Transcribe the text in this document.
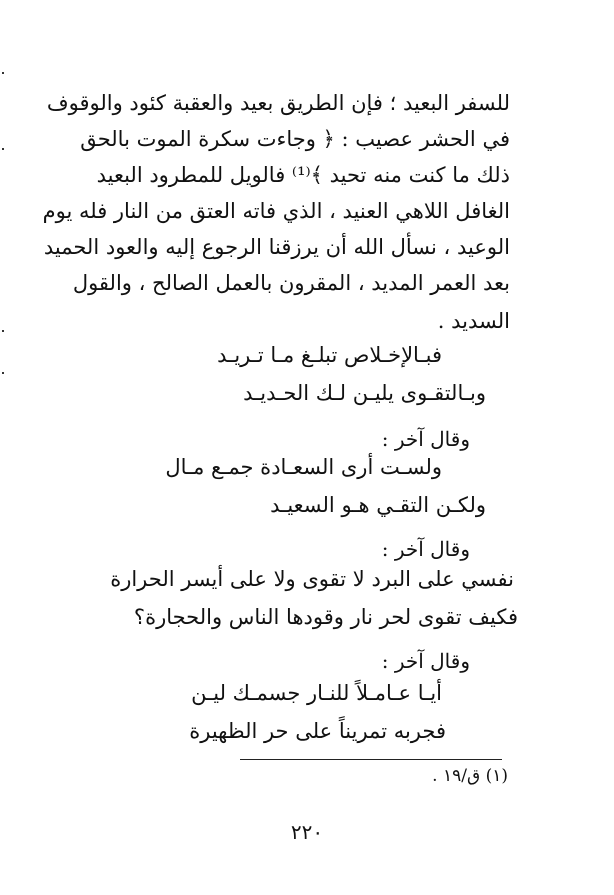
للسفر البعيد ؛ فإن الطريق بعيد والعقبة كئود والوقوف
في الحشر عصيب : ﴿ وجاءت سكرة الموت بالحق
ذلك ما كنت منه تحيد ﴾⁽¹⁾ فالويل للمطرود البعيد
الغافل اللاهي العنيد ، الذي فاته العتق من النار فله يوم
الوعيد ، نسأل الله أن يرزقنا الرجوع إليه والعود الحميد
بعد العمر المديد ، المقرون بالعمل الصالح ، والقول
السديد .
فبـالإخـلاص تبلـغ مـا تـريـد
وبـالتقـوى يليـن لـك الحـديـد
وقال آخر :
ولسـت أرى السعـادة جمـع مـال
ولكـن التقـي هـو السعيـد
وقال آخر :
نفسي على البرد لا تقوى ولا على أيسر الحرارة
فكيف تقوى لحر نار وقودها الناس والحجارة؟
وقال آخر :
أيـا عـامـلاً للنـار جسمـك ليـن
فجربه تمريناً على حر الظهيرة
(١) ق/١٩ .
٢٢٠
